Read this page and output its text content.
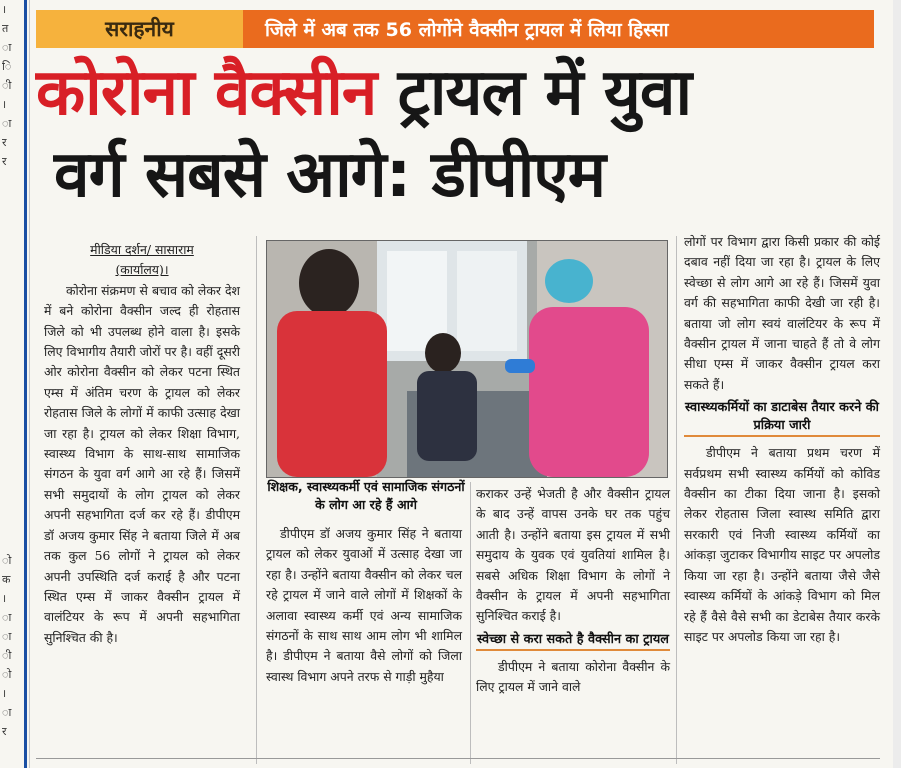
।
त
ा
ि
ी
।
ा
र
र
ो
क
।
ा
ा
ी
ो
।
ा
र
सराहनीय	जिले में अब तक 56 लोगोंने वैक्सीन ट्रायल में लिया हिस्सा
कोरोना वैक्सीन ट्रायल में युवा
वर्ग सबसे आगे: डीपीएम

मीडिया दर्शन/ सासाराम

(कार्यालय)।

कोरोना संक्रमण से बचाव को लेकर देश में बने कोरोना वैक्सीन जल्द ही रोहतास जिले को भी उपलब्ध होने वाला है। इसके लिए विभागीय तैयारी जोरों पर है। वहीं दूसरी ओर कोरोना वैक्सीन को लेकर पटना स्थित एम्स में अंतिम चरण के ट्रायल को लेकर रोहतास जिले के लोगों में काफी उत्साह देखा जा रहा है। ट्रायल को लेकर शिक्षा विभाग, स्वास्थ्य विभाग के साथ-साथ सामाजिक संगठन के युवा वर्ग आगे आ रहे हैं। जिसमें सभी समुदायों के लोग ट्रायल को लेकर अपनी सहभागिता दर्ज कर रहे हैं। डीपीएम डॉ अजय कुमार सिंह ने बताया जिले में अब तक कुल 56 लोगों ने ट्रायल को लेकर अपनी उपस्थिति दर्ज कराई है और पटना स्थित एम्स में जाकर वैक्सीन ट्रायल में वालंटियर के रूप में अपनी सहभागिता सुनिश्चित की है।

शिक्षक, स्वास्थ्यकर्मी एवं सामाजिक संगठनों के लोग आ रहे हैं आगे

डीपीएम डॉ अजय कुमार सिंह ने बताया ट्रायल को लेकर युवाओं में उत्साह देखा जा रहा है। उन्होंने बताया वैक्सीन को लेकर चल रहे ट्रायल में जाने वाले लोगों में शिक्षकों के अलावा स्वास्थ्य कर्मी एवं अन्य सामाजिक संगठनों के साथ साथ आम लोग भी शामिल है। डीपीएम ने बताया वैसे लोगों को जिला स्वास्थ विभाग अपने तरफ से गाड़ी मुहैया

कराकर उन्हें भेजती है और वैक्सीन ट्रायल के बाद उन्हें वापस उनके घर तक पहुंच आती है। उन्होंने बताया इस ट्रायल में सभी समुदाय के युवक एवं युवतियां शामिल है। सबसे अधिक शिक्षा विभाग के लोगों ने वैक्सीन के ट्रायल में अपनी सहभागिता सुनिश्चित कराई है।

स्वेच्छा से करा सकते है वैक्सीन का ट्रायल

डीपीएम ने बताया कोरोना वैक्सीन के लिए ट्रायल में जाने वाले

लोगों पर विभाग द्वारा किसी प्रकार की कोई दबाव नहीं दिया जा रहा है। ट्रायल के लिए स्वेच्छा से लोग आगे आ रहे हैं। जिसमें युवा वर्ग की सहभागिता काफी देखी जा रही है। बताया जो लोग स्वयं वालंटियर के रूप में वैक्सीन ट्रायल में जाना चाहते हैं तो वे लोग सीधा एम्स में जाकर वैक्सीन ट्रायल करा सकते हैं।

स्वास्थ्यकर्मियों का डाटाबेस तैयार करने की प्रक्रिया जारी

डीपीएम ने बताया प्रथम चरण में सर्वप्रथम सभी स्वास्थ्य कर्मियों को कोविड वैक्सीन का टीका दिया जाना है। इसको लेकर रोहतास जिला स्वास्थ समिति द्वारा सरकारी एवं निजी स्वास्थ्य कर्मियों का आंकड़ा जुटाकर विभागीय साइट पर अपलोड किया जा रहा है। उन्होंने बताया जैसे जैसे स्वास्थ्य कर्मियों के आंकड़े विभाग को मिल रहे हैं वैसे वैसे सभी का डेटाबेस तैयार करके साइट पर अपलोड किया जा रहा है।
